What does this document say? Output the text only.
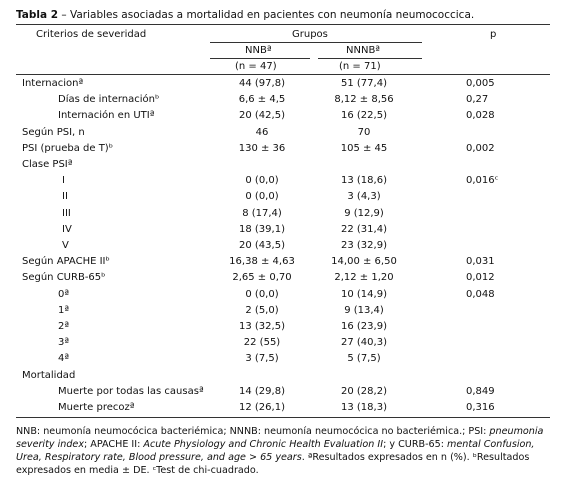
Tabla 2 – Variables asociadas a mortalidad en pacientes con neumonía neumococcica.
Criterios de severidad	Grupos	p
NNBª	NNNBª
(n = 47)	(n = 71)
Internacionª	44 (97,8)	51 (77,4)	0,005
Días de internaciónᵇ	6,6 ± 4,5	8,12 ± 8,56	0,27
Internación en UTIª	20 (42,5)	16 (22,5)	0,028
Según PSI, n	46	70
PSI (prueba de T)ᵇ	130 ± 36	105 ± 45	0,002
Clase PSIª
I	0 (0,0)	13 (18,6)	0,016ᶜ
II	0 (0,0)	3 (4,3)
III	8 (17,4)	9 (12,9)
IV	18 (39,1)	22 (31,4)
V	20 (43,5)	23 (32,9)
Según APACHE IIᵇ	16,38 ± 4,63	14,00 ± 6,50	0,031
Según CURB-65ᵇ	2,65 ± 0,70	2,12 ± 1,20	0,012
0ª	0 (0,0)	10 (14,9)	0,048
1ª	2 (5,0)	9 (13,4)
2ª	13 (32,5)	16 (23,9)
3ª	22 (55)	27 (40,3)
4ª	3 (7,5)	5 (7,5)
Mortalidad
Muerte por todas las causasª	14 (29,8)	20 (28,2)	0,849
Muerte precozª	12 (26,1)	13 (18,3)	0,316
NNB: neumonía neumocócica bacteriémica; NNNB: neumonía neumocócica no bacteriémica.; PSI: pneumonia severity index; APACHE II: Acute Physiology and Chronic Health Evaluation II; y CURB-65: mental Confusion, Urea, Respiratory rate, Blood pressure, and age > 65 years. ªResultados expresados en n (%). ᵇResultados expresados en media ± DE. ᶜTest de chi-cuadrado.
